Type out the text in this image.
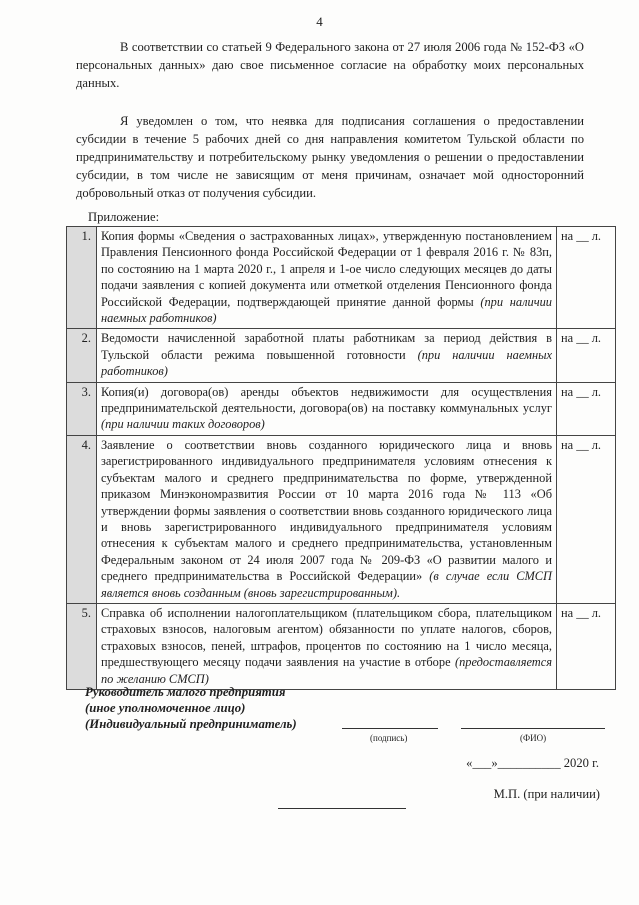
4

В соответствии со статьей 9 Федерального закона от 27 июля 2006 года № 152-ФЗ «О персональных данных» даю свое письменное согласие на обработку моих персональных данных.

Я уведомлен о том, что неявка для подписания соглашения о предоставлении субсидии в течение 5 рабочих дней со дня направления комитетом Тульской области по предпринимательству и потребительскому рынку уведомления о решении о предоставлении субсидии, в том числе не зависящим от меня причинам, означает мой односторонний добровольный отказ от получения субсидии.

Приложение:
1.	Копия формы «Сведения о застрахованных лицах», утвержденную постановлением Правления Пенсионного фонда Российской Федерации от 1 февраля 2016 г. № 83п, по состоянию на 1 марта 2020 г., 1 апреля и 1-ое число следующих месяцев до даты подачи заявления с копией документа или отметкой отделения Пенсионного фонда Российской Федерации, подтверждающей принятие данной формы (при наличии наемных работников)	на __ л.
2.	Ведомости начисленной заработной платы работникам за период действия в Тульской области режима повышенной готовности (при наличии наемных работников)	на __ л.
3.	Копия(и) договора(ов) аренды объектов недвижимости для осуществления предпринимательской деятельности, договора(ов) на поставку коммунальных услуг (при наличии таких договоров)	на __ л.
4.	Заявление о соответствии вновь созданного юридического лица и вновь зарегистрированного индивидуального предпринимателя условиям отнесения к субъектам малого и среднего предпринимательства по форме, утвержденной приказом Минэкономразвития России от 10 марта 2016 года № 113 «Об утверждении формы заявления о соответствии вновь созданного юридического лица и вновь зарегистрированного индивидуального предпринимателя условиям отнесения к субъектам малого и среднего предпринимательства, установленным Федеральным законом от 24 июля 2007 года № 209-ФЗ «О развитии малого и среднего предпринимательства в Российской Федерации» (в случае если СМСП является вновь созданным (вновь зарегистрированным).	на __ л.
5.	Справка об исполнении налогоплательщиком (плательщиком сбора, плательщиком страховых взносов, налоговым агентом) обязанности по уплате налогов, сборов, страховых взносов, пеней, штрафов, процентов по состоянию на 1 число месяца, предшествующего месяцу подачи заявления на участие в отборе (предоставляется по желанию СМСП)	на __ л.
Руководитель малого предприятия
(иное уполномоченное лицо)
(Индивидуальный предприниматель)
(подпись)	(ФИО)
«___»__________ 2020 г.
М.П. (при наличии)
